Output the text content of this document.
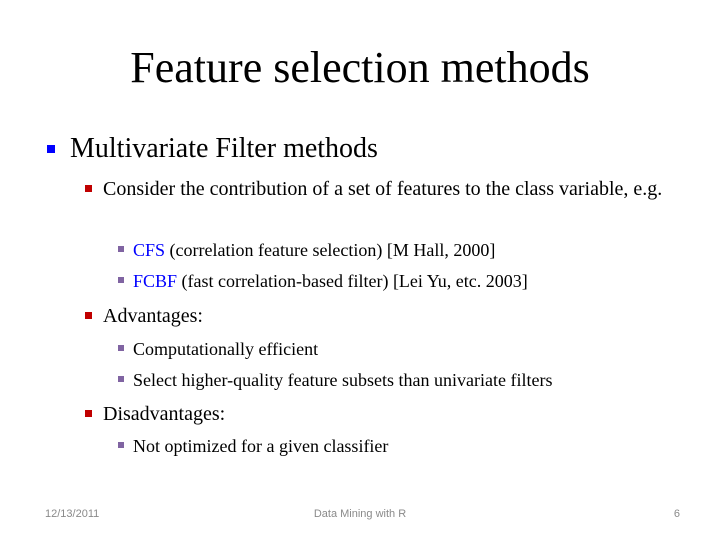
Feature selection methods
Multivariate Filter methods
Consider the contribution of a set of features to the class variable, e.g.
CFS (correlation feature selection) [M Hall, 2000]
FCBF (fast correlation-based filter) [Lei Yu, etc. 2003]
Advantages:
Computationally efficient
Select higher-quality feature subsets than univariate filters
Disadvantages:
Not optimized for a given classifier
12/13/2011	Data Mining with R	6
